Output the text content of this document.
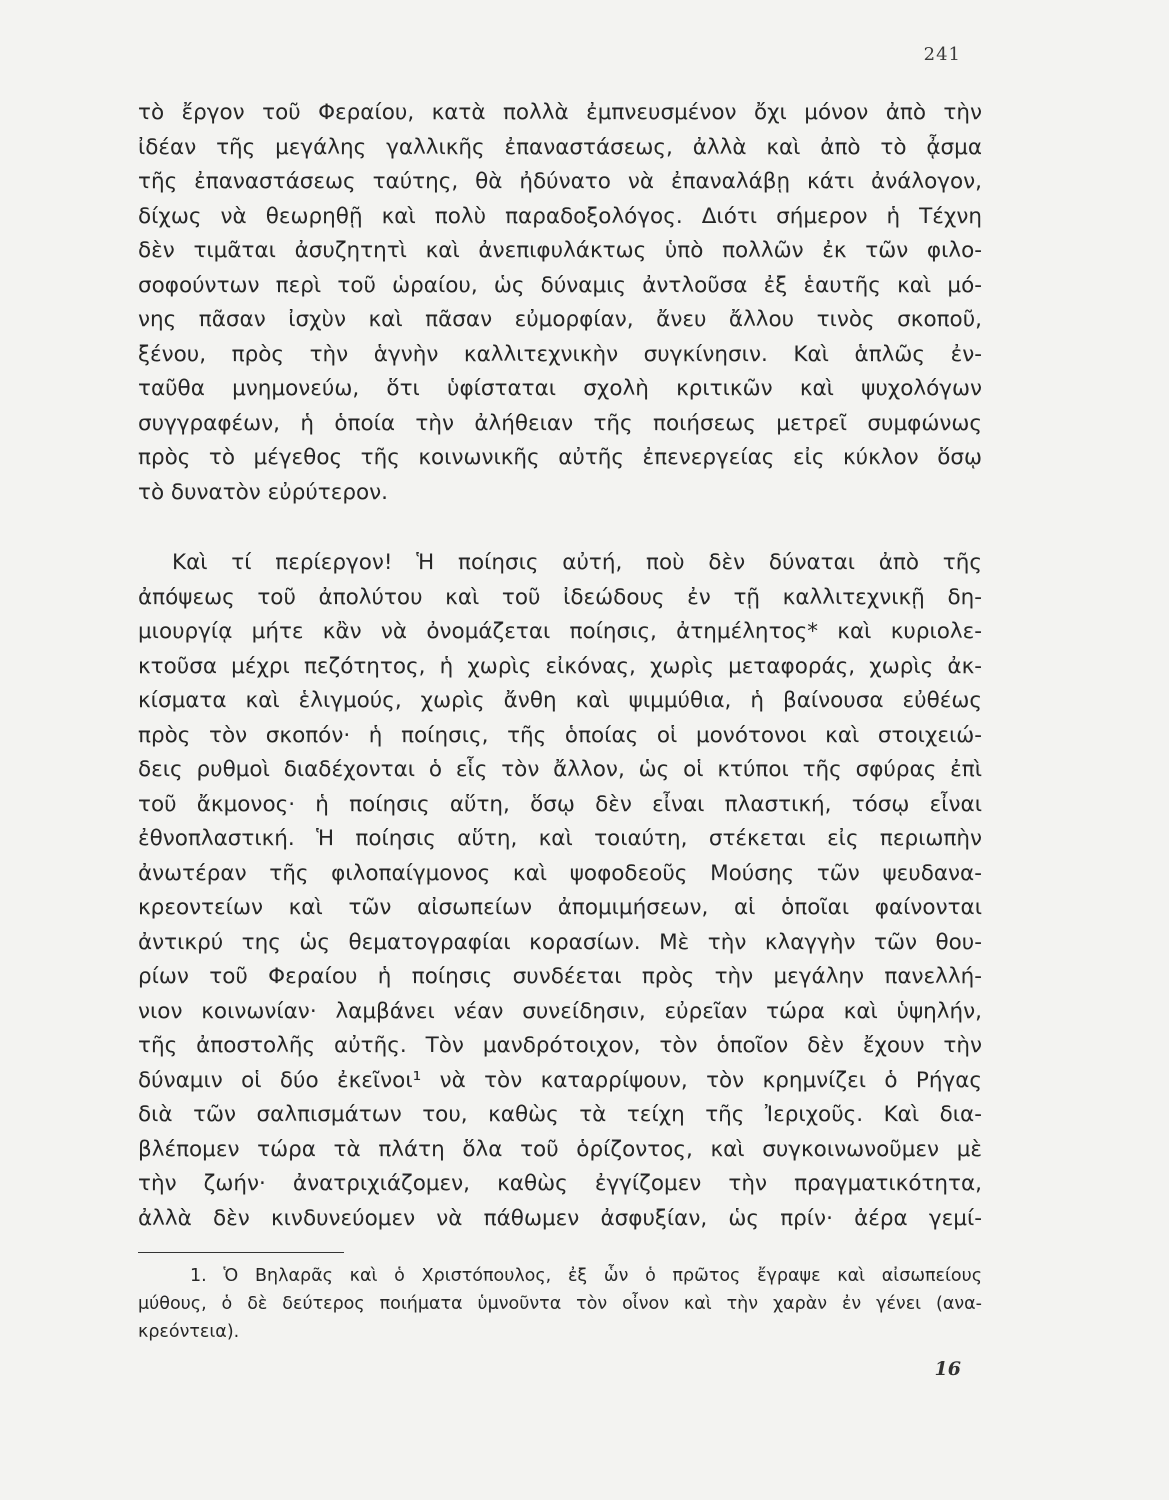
241
τὸ ἔργον τοῦ Φεραίου, κατὰ πολλὰ ἐμπνευσμένον ὄχι μόνον ἀπὸ τὴν
ἰδέαν τῆς μεγάλης γαλλικῆς ἐπαναστάσεως, ἀλλὰ καὶ ἀπὸ τὸ ᾆσμα
τῆς ἐπαναστάσεως ταύτης, θὰ ἠδύνατο νὰ ἐπαναλάβῃ κάτι ἀνάλογον,
δίχως νὰ θεωρηθῇ καὶ πολὺ παραδοξολόγος. Διότι σήμερον ἡ Τέχνη
δὲν τιμᾶται ἀσυζητητὶ καὶ ἀνεπιφυλάκτως ὑπὸ πολλῶν ἐκ τῶν φιλο-
σοφούντων περὶ τοῦ ὡραίου, ὡς δύναμις ἀντλοῦσα ἐξ ἑαυτῆς καὶ μό-
νης πᾶσαν ἰσχὺν καὶ πᾶσαν εὐμορφίαν, ἄνευ ἄλλου τινὸς σκοποῦ,
ξένου, πρὸς τὴν ἁγνὴν καλλιτεχνικὴν συγκίνησιν. Καὶ ἁπλῶς ἐν-
ταῦθα μνημονεύω, ὅτι ὑφίσταται σχολὴ κριτικῶν καὶ ψυχολόγων
συγγραφέων, ἡ ὁποία τὴν ἀλήθειαν τῆς ποιήσεως μετρεῖ συμφώνως
πρὸς τὸ μέγεθος τῆς κοινωνικῆς αὐτῆς ἐπενεργείας εἰς κύκλον ὅσῳ
τὸ δυνατὸν εὐρύτερον.
Καὶ τί περίεργον! Ἡ ποίησις αὐτή, ποὺ δὲν δύναται ἀπὸ τῆς
ἀπόψεως τοῦ ἀπολύτου καὶ τοῦ ἰδεώδους ἐν τῇ καλλιτεχνικῇ δη-
μιουργίᾳ μήτε κἂν νὰ ὀνομάζεται ποίησις, ἀτημέλητος* καὶ κυριολε-
κτοῦσα μέχρι πεζότητος, ἡ χωρὶς εἰκόνας, χωρὶς μεταφοράς, χωρὶς ἀκ-
κίσματα καὶ ἑλιγμούς, χωρὶς ἄνθη καὶ ψιμμύθια, ἡ βαίνουσα εὐθέως
πρὸς τὸν σκοπόν· ἡ ποίησις, τῆς ὁποίας οἱ μονότονοι καὶ στοιχειώ-
δεις ρυθμοὶ διαδέχονται ὁ εἷς τὸν ἄλλον, ὡς οἱ κτύποι τῆς σφύρας ἐπὶ
τοῦ ἄκμονος· ἡ ποίησις αὕτη, ὅσῳ δὲν εἶναι πλαστική, τόσῳ εἶναι
ἐθνοπλαστική. Ἡ ποίησις αὕτη, καὶ τοιαύτη, στέκεται εἰς περιωπὴν
ἀνωτέραν τῆς φιλοπαίγμονος καὶ ψοφοδεοῦς Μούσης τῶν ψευδανα-
κρεοντείων καὶ τῶν αἰσωπείων ἀπομιμήσεων, αἱ ὁποῖαι φαίνονται
ἀντικρύ της ὡς θεματογραφίαι κορασίων. Μὲ τὴν κλαγγὴν τῶν θου-
ρίων τοῦ Φεραίου ἡ ποίησις συνδέεται πρὸς τὴν μεγάλην πανελλή-
νιον κοινωνίαν· λαμβάνει νέαν συνείδησιν, εὐρεῖαν τώρα καὶ ὑψηλήν,
τῆς ἀποστολῆς αὐτῆς. Τὸν μανδρότοιχον, τὸν ὁποῖον δὲν ἔχουν τὴν
δύναμιν οἱ δύο ἐκεῖνοι¹ νὰ τὸν καταρρίψουν, τὸν κρημνίζει ὁ Ρήγας
διὰ τῶν σαλπισμάτων του, καθὼς τὰ τείχη τῆς Ἰεριχοῦς. Καὶ δια-
βλέπομεν τώρα τὰ πλάτη ὅλα τοῦ ὁρίζοντος, καὶ συγκοινωνοῦμεν μὲ
τὴν ζωήν· ἀνατριχιάζομεν, καθὼς ἐγγίζομεν τὴν πραγματικότητα,
ἀλλὰ δὲν κινδυνεύομεν νὰ πάθωμεν ἀσφυξίαν, ὡς πρίν· ἀέρα γεμί-
1. Ὁ Βηλαρᾶς καὶ ὁ Χριστόπουλος, ἐξ ὧν ὁ πρῶτος ἔγραψε καὶ αἰσωπείους
μύθους, ὁ δὲ δεύτερος ποιήματα ὑμνοῦντα τὸν οἶνον καὶ τὴν χαρὰν ἐν γένει (ανα-
κρεόντεια).
16
